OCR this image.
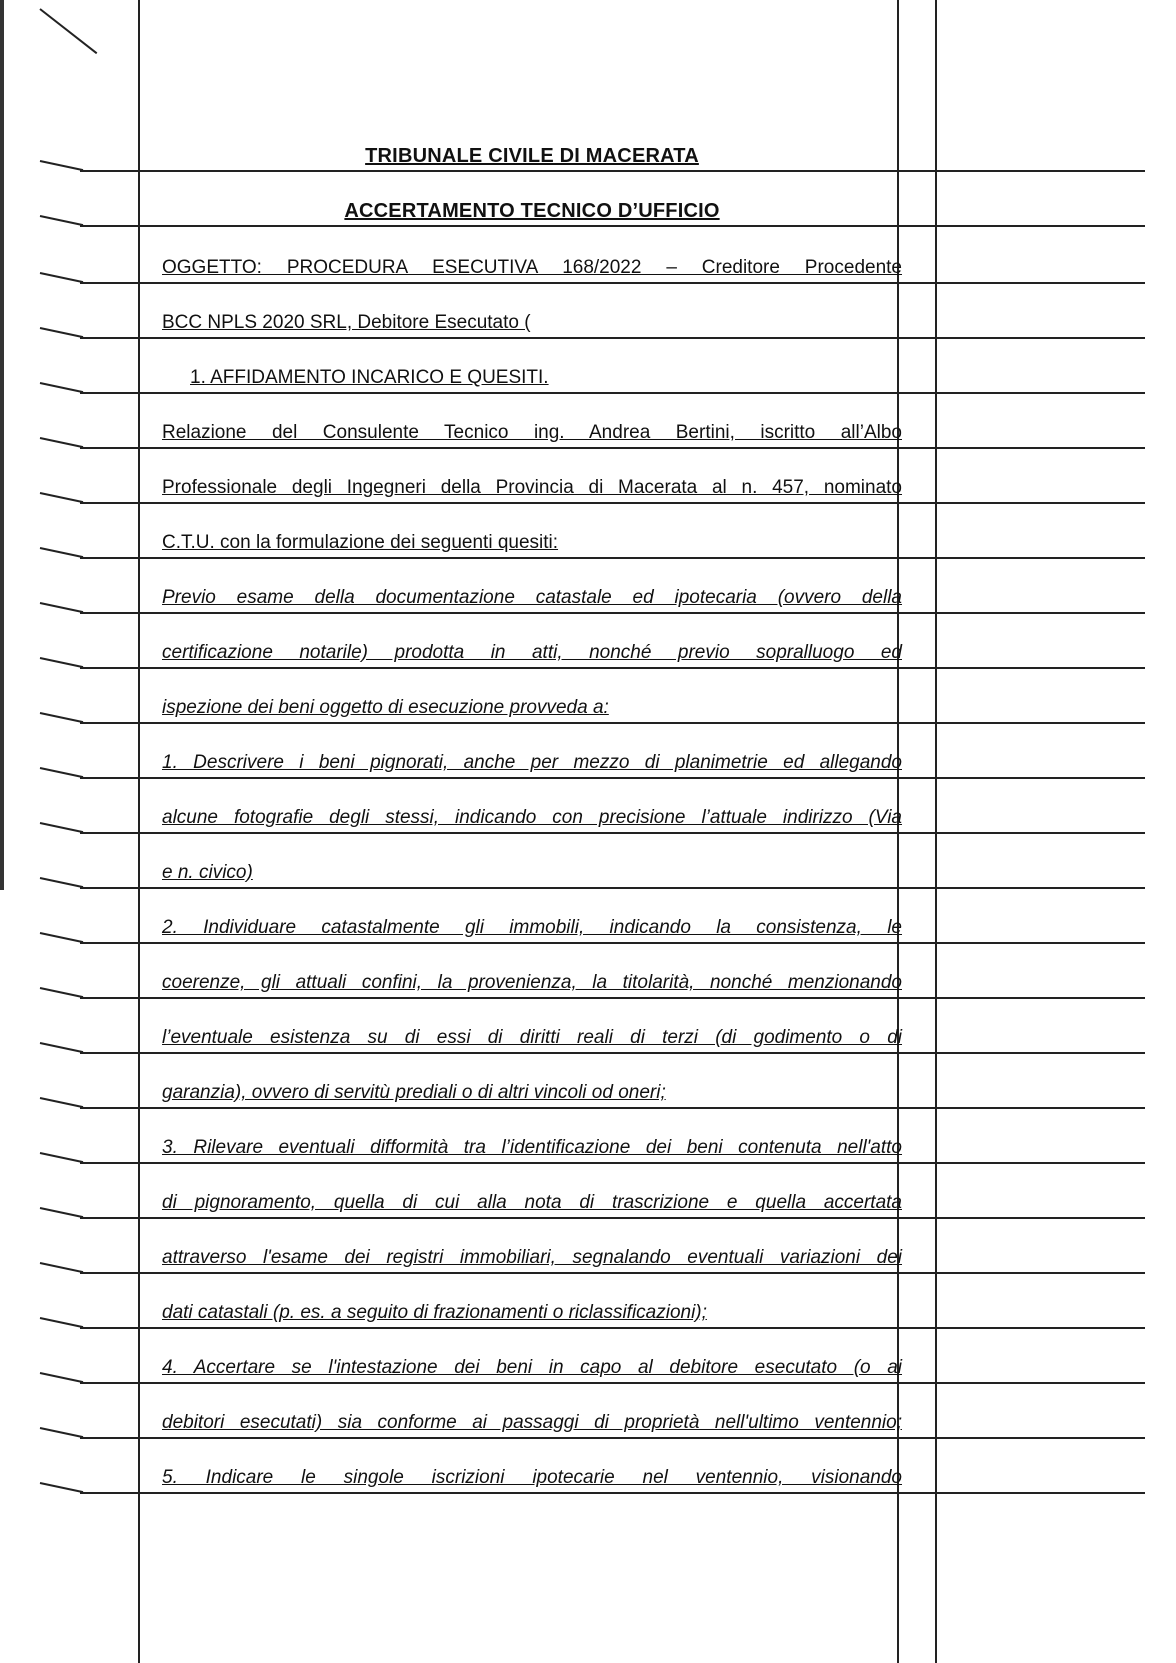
TRIBUNALE CIVILE DI MACERATA
ACCERTAMENTO TECNICO D’UFFICIO
OGGETTO: PROCEDURA ESECUTIVA 168/2022 – Creditore Procedente
BCC NPLS 2020 SRL, Debitore Esecutato (
1. AFFIDAMENTO INCARICO E QUESITI.
Relazione del Consulente Tecnico ing. Andrea Bertini, iscritto all’Albo
Professionale degli Ingegneri della Provincia di Macerata al n. 457, nominato
C.T.U. con la formulazione dei seguenti quesiti:
Previo esame della documentazione catastale ed ipotecaria (ovvero della
certificazione notarile) prodotta in atti, nonché previo sopralluogo ed
ispezione dei beni oggetto di esecuzione provveda a:
1. Descrivere i beni pignorati, anche per mezzo di planimetrie ed allegando
alcune fotografie degli stessi, indicando con precisione l’attuale indirizzo (Via
e n. civico)
2. Individuare catastalmente gli immobili, indicando la consistenza, le
coerenze, gli attuali confini, la provenienza, la titolarità, nonché menzionando
l’eventuale esistenza su di essi di diritti reali di terzi (di godimento o di
garanzia), ovvero di servitù prediali o di altri vincoli od oneri;
3. Rilevare eventuali difformità tra l’identificazione dei beni contenuta nell'atto
di pignoramento, quella di cui alla nota di trascrizione e quella accertata
attraverso l'esame dei registri immobiliari, segnalando eventuali variazioni dei
dati catastali (p. es. a seguito di frazionamenti o riclassificazioni);
4. Accertare se l'intestazione dei beni in capo al debitore esecutato (o ai
debitori esecutati) sia conforme ai passaggi di proprietà nell'ultimo ventennio;
5. Indicare le singole iscrizioni ipotecarie nel ventennio, visionando
